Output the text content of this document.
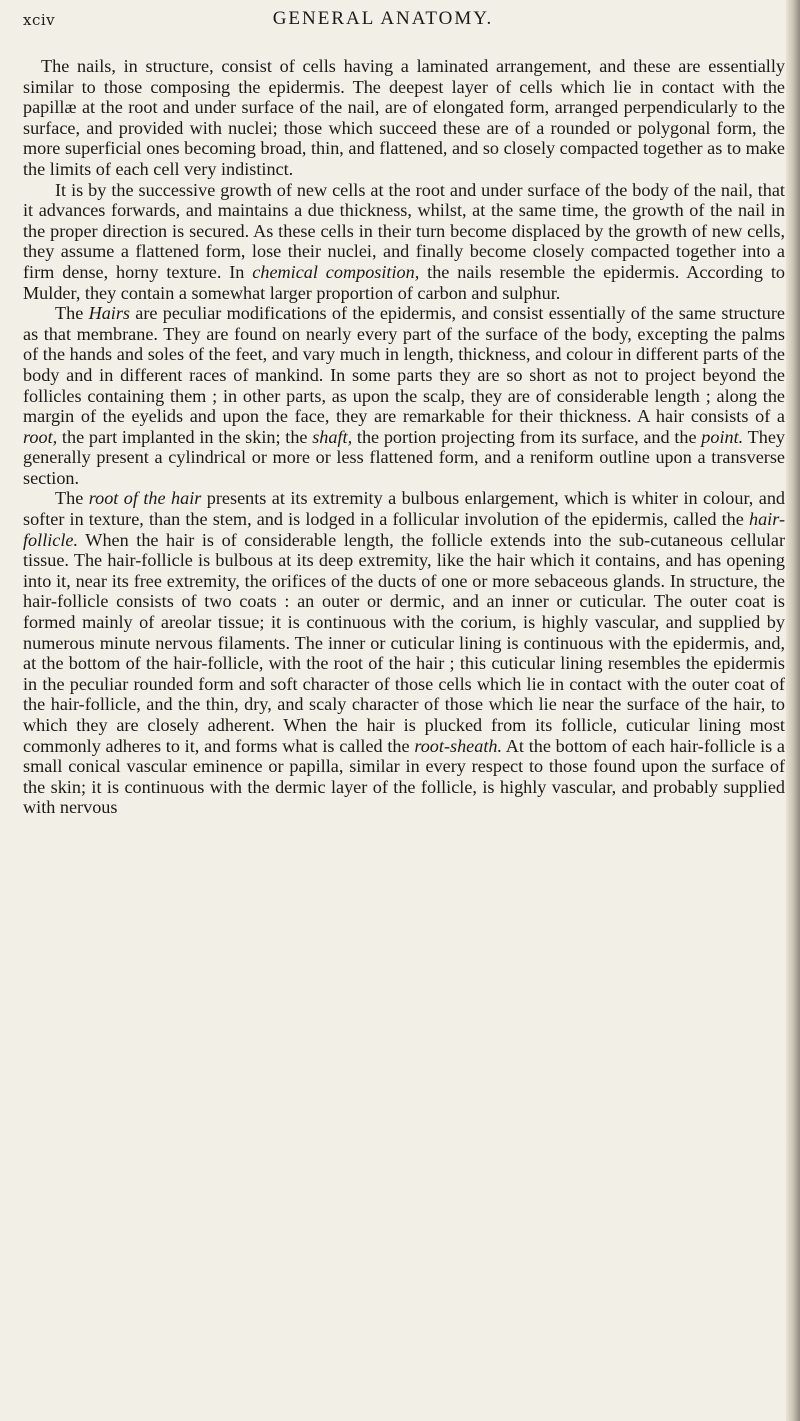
xciv	GENERAL ANATOMY.

The nails, in structure, consist of cells having a laminated arrangement, and these are essentially similar to those composing the epidermis. The deepest layer of cells which lie in contact with the papillæ at the root and under surface of the nail, are of elongated form, arranged perpendicularly to the surface, and provided with nuclei; those which succeed these are of a rounded or polygonal form, the more superficial ones becoming broad, thin, and flattened, and so closely compacted together as to make the limits of each cell very indistinct.

It is by the successive growth of new cells at the root and under surface of the body of the nail, that it advances forwards, and maintains a due thickness, whilst, at the same time, the growth of the nail in the proper direction is secured. As these cells in their turn become displaced by the growth of new cells, they assume a flattened form, lose their nuclei, and finally become closely compacted together into a firm dense, horny texture. In chemical composition, the nails resemble the epidermis. According to Mulder, they contain a somewhat larger proportion of carbon and sulphur.

The Hairs are peculiar modifications of the epidermis, and consist essentially of the same structure as that membrane. They are found on nearly every part of the surface of the body, excepting the palms of the hands and soles of the feet, and vary much in length, thickness, and colour in different parts of the body and in different races of mankind. In some parts they are so short as not to project beyond the follicles containing them ; in other parts, as upon the scalp, they are of considerable length ; along the margin of the eyelids and upon the face, they are remarkable for their thickness. A hair consists of a root, the part implanted in the skin; the shaft, the portion projecting from its surface, and the point. They generally present a cylindrical or more or less flattened form, and a reniform outline upon a transverse section.

The root of the hair presents at its extremity a bulbous enlargement, which is whiter in colour, and softer in texture, than the stem, and is lodged in a follicular involution of the epidermis, called the hair-follicle. When the hair is of considerable length, the follicle extends into the sub-cutaneous cellular tissue. The hair-follicle is bulbous at its deep extremity, like the hair which it contains, and has opening into it, near its free extremity, the orifices of the ducts of one or more sebaceous glands. In structure, the hair-follicle consists of two coats : an outer or dermic, and an inner or cuticular. The outer coat is formed mainly of areolar tissue; it is continuous with the corium, is highly vascular, and supplied by numerous minute nervous filaments. The inner or cuticular lining is continuous with the epidermis, and, at the bottom of the hair-follicle, with the root of the hair ; this cuticular lining resembles the epidermis in the peculiar rounded form and soft character of those cells which lie in contact with the outer coat of the hair-follicle, and the thin, dry, and scaly character of those which lie near the surface of the hair, to which they are closely adherent. When the hair is plucked from its follicle, cuticular lining most commonly adheres to it, and forms what is called the root-sheath. At the bottom of each hair-follicle is a small conical vascular eminence or papilla, similar in every respect to those found upon the surface of the skin; it is continuous with the dermic layer of the follicle, is highly vascular, and probably supplied with nervous
